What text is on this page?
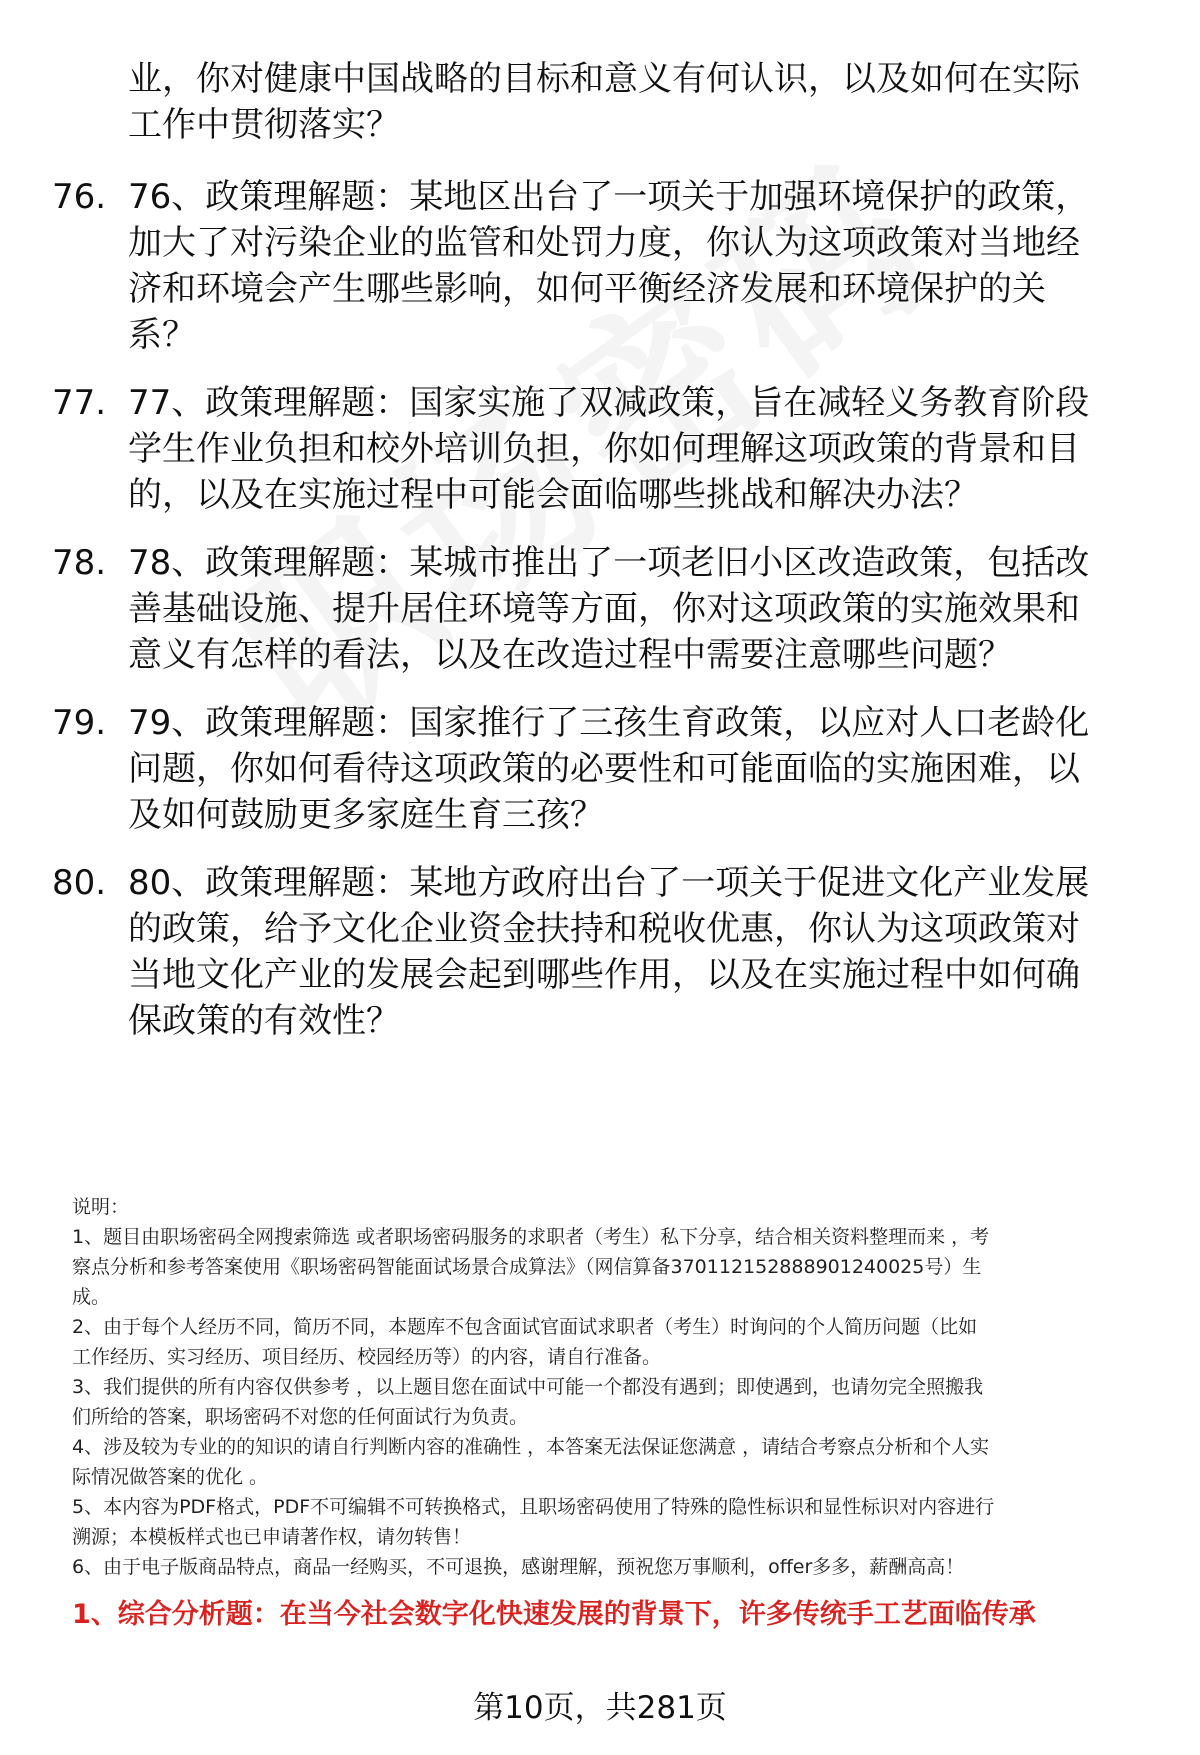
业，你对健康中国战略的目标和意义有何认识，以及如何在实际
工作中贯彻落实？
76. 76、政策理解题：某地区出台了一项关于加强环境保护的政策，
加大了对污染企业的监管和处罚力度，你认为这项政策对当地经
济和环境会产生哪些影响，如何平衡经济发展和环境保护的关
系？
77. 77、政策理解题：国家实施了双减政策，旨在减轻义务教育阶段
学生作业负担和校外培训负担，你如何理解这项政策的背景和目
的，以及在实施过程中可能会面临哪些挑战和解决办法？
78. 78、政策理解题：某城市推出了一项老旧小区改造政策，包括改
善基础设施、提升居住环境等方面，你对这项政策的实施效果和
意义有怎样的看法，以及在改造过程中需要注意哪些问题？
79. 79、政策理解题：国家推行了三孩生育政策，以应对人口老龄化
问题，你如何看待这项政策的必要性和可能面临的实施困难，以
及如何鼓励更多家庭生育三孩？
80. 80、政策理解题：某地方政府出台了一项关于促进文化产业发展
的政策，给予文化企业资金扶持和税收优惠，你认为这项政策对
当地文化产业的发展会起到哪些作用，以及在实施过程中如何确
保政策的有效性？

说明：

1、题目由职场密码全网搜索筛选 或者职场密码服务的求职者（考生）私下分享，结合相关资料整理而来 ，考

察点分析和参考答案使用《职场密码智能面试场景合成算法》（网信算备370112152888901240025号）生

成。

2、由于每个人经历不同，简历不同，本题库不包含面试官面试求职者（考生）时询问的个人简历问题（比如

工作经历、实习经历、项目经历、校园经历等）的内容，请自行准备。

3、我们提供的所有内容仅供参考 ，以上题目您在面试中可能一个都没有遇到；即使遇到，也请勿完全照搬我

们所给的答案，职场密码不对您的任何面试行为负责。

4、涉及较为专业的的知识的请自行判断内容的准确性 ，本答案无法保证您满意 ，请结合考察点分析和个人实

际情况做答案的优化 。

5、本内容为PDF格式，PDF不可编辑不可转换格式，且职场密码使用了特殊的隐性标识和显性标识对内容进行

溯源；本模板样式也已申请著作权，请勿转售！

6、由于电子版商品特点，商品一经购买，不可退换，感谢理解，预祝您万事顺利，offer多多，薪酬高高！

1、综合分析题：在当今社会数字化快速发展的背景下，许多传统手工艺面临传承
第10页，共281页
